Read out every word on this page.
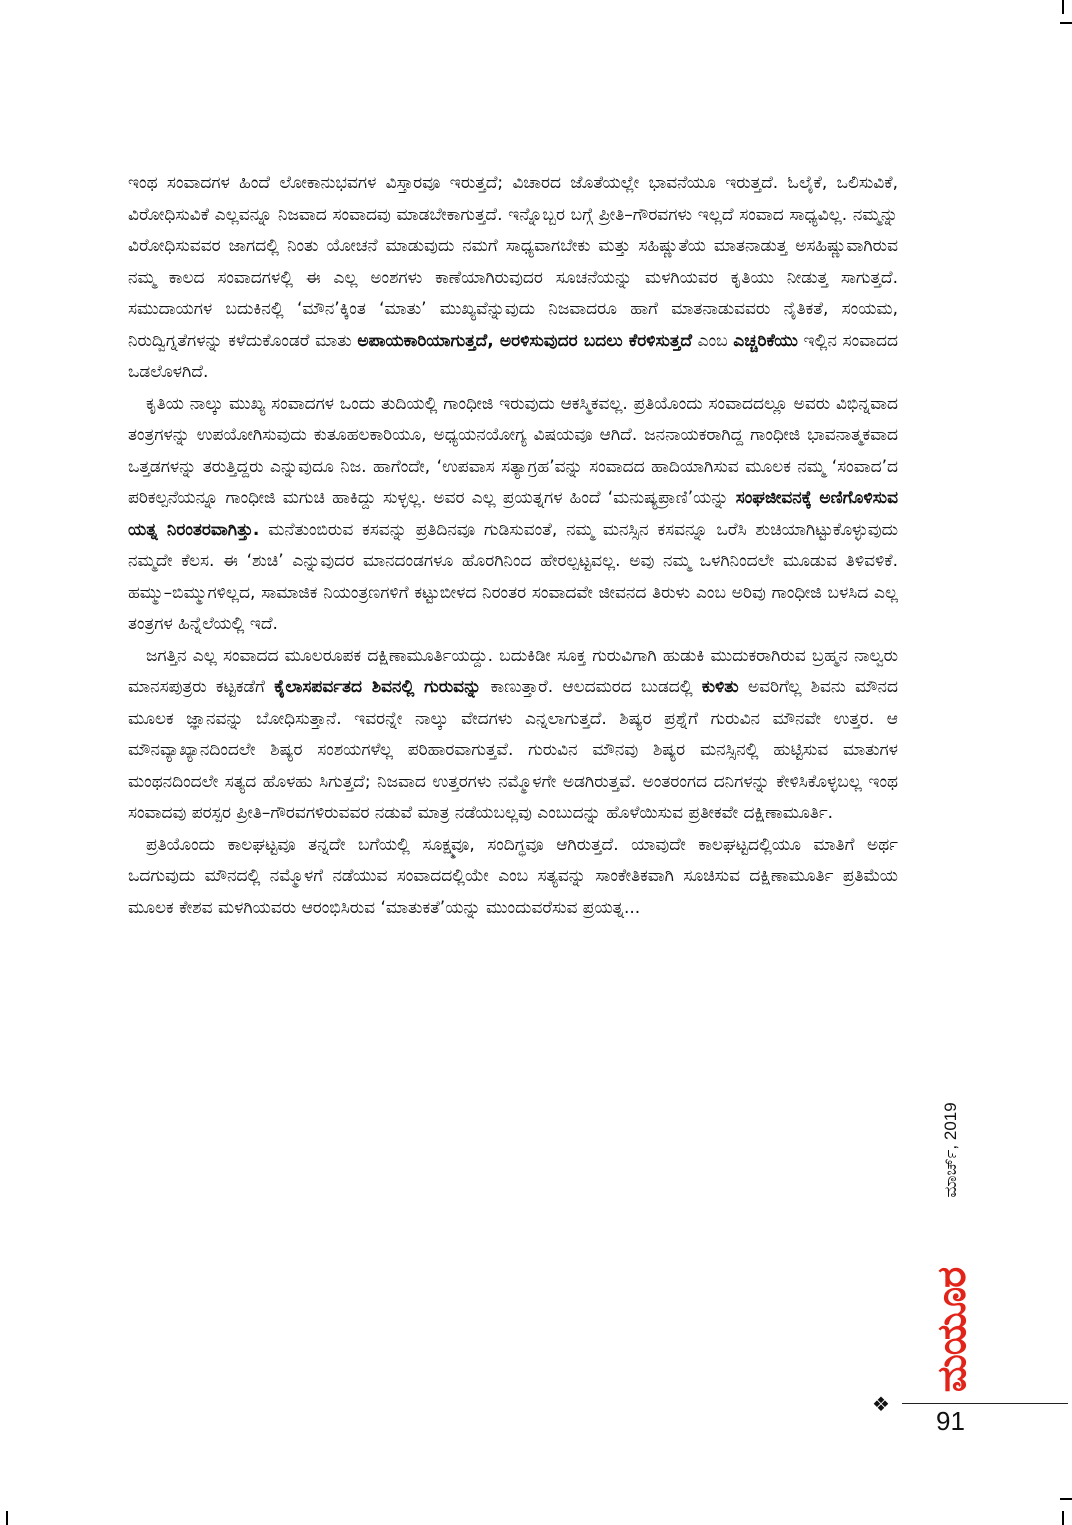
ಇಂಥ ಸಂವಾದಗಳ ಹಿಂದೆ ಲೋಕಾನುಭವಗಳ ವಿಸ್ತಾರವೂ ಇರುತ್ತದೆ; ವಿಚಾರದ ಜೊತೆಯಲ್ಲೇ ಭಾವನೆಯೂ ಇರುತ್ತದೆ. ಓಲೈಕೆ, ಒಲಿಸುವಿಕೆ, ವಿರೋಧಿಸುವಿಕೆ ಎಲ್ಲವನ್ನೂ ನಿಜವಾದ ಸಂವಾದವು ಮಾಡಬೇಕಾಗುತ್ತದೆ. ಇನ್ನೊಬ್ಬರ ಬಗ್ಗೆ ಪ್ರೀತಿ–ಗೌರವಗಳು ಇಲ್ಲದೆ ಸಂವಾದ ಸಾಧ್ಯವಿಲ್ಲ. ನಮ್ಮನ್ನು ವಿರೋಧಿಸುವವರ ಜಾಗದಲ್ಲಿ ನಿಂತು ಯೋಚನೆ ಮಾಡುವುದು ನಮಗೆ ಸಾಧ್ಯವಾಗಬೇಕು ಮತ್ತು ಸಹಿಷ್ಣುತೆಯ ಮಾತನಾಡುತ್ತ ಅಸಹಿಷ್ಣುವಾಗಿರುವ ನಮ್ಮ ಕಾಲದ ಸಂವಾದಗಳಲ್ಲಿ ಈ ಎಲ್ಲ ಅಂಶಗಳು ಕಾಣೆಯಾಗಿರುವುದರ ಸೂಚನೆಯನ್ನು ಮಳಗಿಯವರ ಕೃತಿಯು ನೀಡುತ್ತ ಸಾಗುತ್ತದೆ. ಸಮುದಾಯಗಳ ಬದುಕಿನಲ್ಲಿ ‘ಮೌನ’ಕ್ಕಿಂತ ‘ಮಾತು’ ಮುಖ್ಯವೆನ್ನುವುದು ನಿಜವಾದರೂ ಹಾಗೆ ಮಾತನಾಡುವವರು ನೈತಿಕತೆ, ಸಂಯಮ, ನಿರುದ್ವಿಗ್ನತೆಗಳನ್ನು ಕಳೆದುಕೊಂಡರೆ ಮಾತು ಅಪಾಯಕಾರಿಯಾಗುತ್ತದೆ, ಅರಳಿಸುವುದರ ಬದಲು ಕೆರಳಿಸುತ್ತದೆ ಎಂಬ ಎಚ್ಚರಿಕೆಯು ಇಲ್ಲಿನ ಸಂವಾದದ ಒಡಲೊಳಗಿದೆ.

ಕೃತಿಯ ನಾಲ್ಕು ಮುಖ್ಯ ಸಂವಾದಗಳ ಒಂದು ತುದಿಯಲ್ಲಿ ಗಾಂಧೀಜಿ ಇರುವುದು ಆಕಸ್ಮಿಕವಲ್ಲ. ಪ್ರತಿಯೊಂದು ಸಂವಾದದಲ್ಲೂ ಅವರು ವಿಭಿನ್ನವಾದ ತಂತ್ರಗಳನ್ನು ಉಪಯೋಗಿಸುವುದು ಕುತೂಹಲಕಾರಿಯೂ, ಅಧ್ಯಯನಯೋಗ್ಯ ವಿಷಯವೂ ಆಗಿದೆ. ಜನನಾಯಕರಾಗಿದ್ದ ಗಾಂಧೀಜಿ ಭಾವನಾತ್ಮಕವಾದ ಒತ್ತಡಗಳನ್ನು ತರುತ್ತಿದ್ದರು ಎನ್ನುವುದೂ ನಿಜ. ಹಾಗೆಂದೇ, ‘ಉಪವಾಸ ಸತ್ಯಾಗ್ರಹ’ವನ್ನು ಸಂವಾದದ ಹಾದಿಯಾಗಿಸುವ ಮೂಲಕ ನಮ್ಮ ‘ಸಂವಾದ’ದ ಪರಿಕಲ್ಪನೆಯನ್ನೂ ಗಾಂಧೀಜಿ ಮಗುಚಿ ಹಾಕಿದ್ದು ಸುಳ್ಳಲ್ಲ. ಅವರ ಎಲ್ಲ ಪ್ರಯತ್ನಗಳ ಹಿಂದೆ ‘ಮನುಷ್ಯಪ್ರಾಣಿ’ಯನ್ನು ಸಂಘಜೀವನಕ್ಕೆ ಅಣಿಗೊಳಿಸುವ ಯತ್ನ ನಿರಂತರವಾಗಿತ್ತು. ಮನೆತುಂಬಿರುವ ಕಸವನ್ನು ಪ್ರತಿದಿನವೂ ಗುಡಿಸುವಂತೆ, ನಮ್ಮ ಮನಸ್ಸಿನ ಕಸವನ್ನೂ ಒರೆಸಿ ಶುಚಿಯಾಗಿಟ್ಟುಕೊಳ್ಳುವುದು ನಮ್ಮದೇ ಕೆಲಸ. ಈ ‘ಶುಚಿ’ ಎನ್ನುವುದರ ಮಾನದಂಡಗಳೂ ಹೊರಗಿನಿಂದ ಹೇರಲ್ಪಟ್ಟವಲ್ಲ. ಅವು ನಮ್ಮ ಒಳಗಿನಿಂದಲೇ ಮೂಡುವ ತಿಳಿವಳಿಕೆ. ಹಮ್ಮು–ಬಿಮ್ಮುಗಳಿಲ್ಲದ, ಸಾಮಾಜಿಕ ನಿಯಂತ್ರಣಗಳಿಗೆ ಕಟ್ಟುಬೀಳದ ನಿರಂತರ ಸಂವಾದವೇ ಜೀವನದ ತಿರುಳು ಎಂಬ ಅರಿವು ಗಾಂಧೀಜಿ ಬಳಸಿದ ಎಲ್ಲ ತಂತ್ರಗಳ ಹಿನ್ನೆಲೆಯಲ್ಲಿ ಇದೆ.

ಜಗತ್ತಿನ ಎಲ್ಲ ಸಂವಾದದ ಮೂಲರೂಪಕ ದಕ್ಷಿಣಾಮೂರ್ತಿಯದ್ದು. ಬದುಕಿಡೀ ಸೂಕ್ತ ಗುರುವಿಗಾಗಿ ಹುಡುಕಿ ಮುದುಕರಾಗಿರುವ ಬ್ರಹ್ಮನ ನಾಲ್ವರು ಮಾನಸಪುತ್ರರು ಕಟ್ಟಕಡೆಗೆ ಕೈಲಾಸಪರ್ವತದ ಶಿವನಲ್ಲಿ ಗುರುವನ್ನು ಕಾಣುತ್ತಾರೆ. ಆಲದಮರದ ಬುಡದಲ್ಲಿ ಕುಳಿತು ಅವರಿಗೆಲ್ಲ ಶಿವನು ಮೌನದ ಮೂಲಕ ಜ್ಞಾನವನ್ನು ಬೋಧಿಸುತ್ತಾನೆ. ಇವರನ್ನೇ ನಾಲ್ಕು ವೇದಗಳು ಎನ್ನಲಾಗುತ್ತದೆ. ಶಿಷ್ಯರ ಪ್ರಶ್ನೆಗೆ ಗುರುವಿನ ಮೌನವೇ ಉತ್ತರ. ಆ ಮೌನವ್ಯಾಖ್ಯಾನದಿಂದಲೇ ಶಿಷ್ಯರ ಸಂಶಯಗಳೆಲ್ಲ ಪರಿಹಾರವಾಗುತ್ತವೆ. ಗುರುವಿನ ಮೌನವು ಶಿಷ್ಯರ ಮನಸ್ಸಿನಲ್ಲಿ ಹುಟ್ಟಿಸುವ ಮಾತುಗಳ ಮಂಥನದಿಂದಲೇ ಸತ್ಯದ ಹೊಳಹು ಸಿಗುತ್ತದೆ; ನಿಜವಾದ ಉತ್ತರಗಳು ನಮ್ಮೊಳಗೇ ಅಡಗಿರುತ್ತವೆ. ಅಂತರಂಗದ ದನಿಗಳನ್ನು ಕೇಳಿಸಿಕೊಳ್ಳಬಲ್ಲ ಇಂಥ ಸಂವಾದವು ಪರಸ್ಪರ ಪ್ರೀತಿ–ಗೌರವಗಳಿರುವವರ ನಡುವೆ ಮಾತ್ರ ನಡೆಯಬಲ್ಲವು ಎಂಬುದನ್ನು ಹೊಳೆಯಿಸುವ ಪ್ರತೀಕವೇ ದಕ್ಷಿಣಾಮೂರ್ತಿ.

ಪ್ರತಿಯೊಂದು ಕಾಲಘಟ್ಟವೂ ತನ್ನದೇ ಬಗೆಯಲ್ಲಿ ಸೂಕ್ಷ್ಮವೂ, ಸಂದಿಗ್ಧವೂ ಆಗಿರುತ್ತದೆ. ಯಾವುದೇ ಕಾಲಘಟ್ಟದಲ್ಲಿಯೂ ಮಾತಿಗೆ ಅರ್ಥ ಒದಗುವುದು ಮೌನದಲ್ಲಿ ನಮ್ಮೊಳಗೆ ನಡೆಯುವ ಸಂವಾದದಲ್ಲಿಯೇ ಎಂಬ ಸತ್ಯವನ್ನು ಸಾಂಕೇತಿಕವಾಗಿ ಸೂಚಿಸುವ ದಕ್ಷಿಣಾಮೂರ್ತಿ ಪ್ರತಿಮೆಯ ಮೂಲಕ ಕೇಶವ ಮಳಗಿಯವರು ಆರಂಭಿಸಿರುವ ‘ಮಾತುಕತೆ’ಯನ್ನು ಮುಂದುವರೆಸುವ ಪ್ರಯತ್ನ...

❖
ಮಾರ್ಚ್, 2019
ಮಯೂರ
91
